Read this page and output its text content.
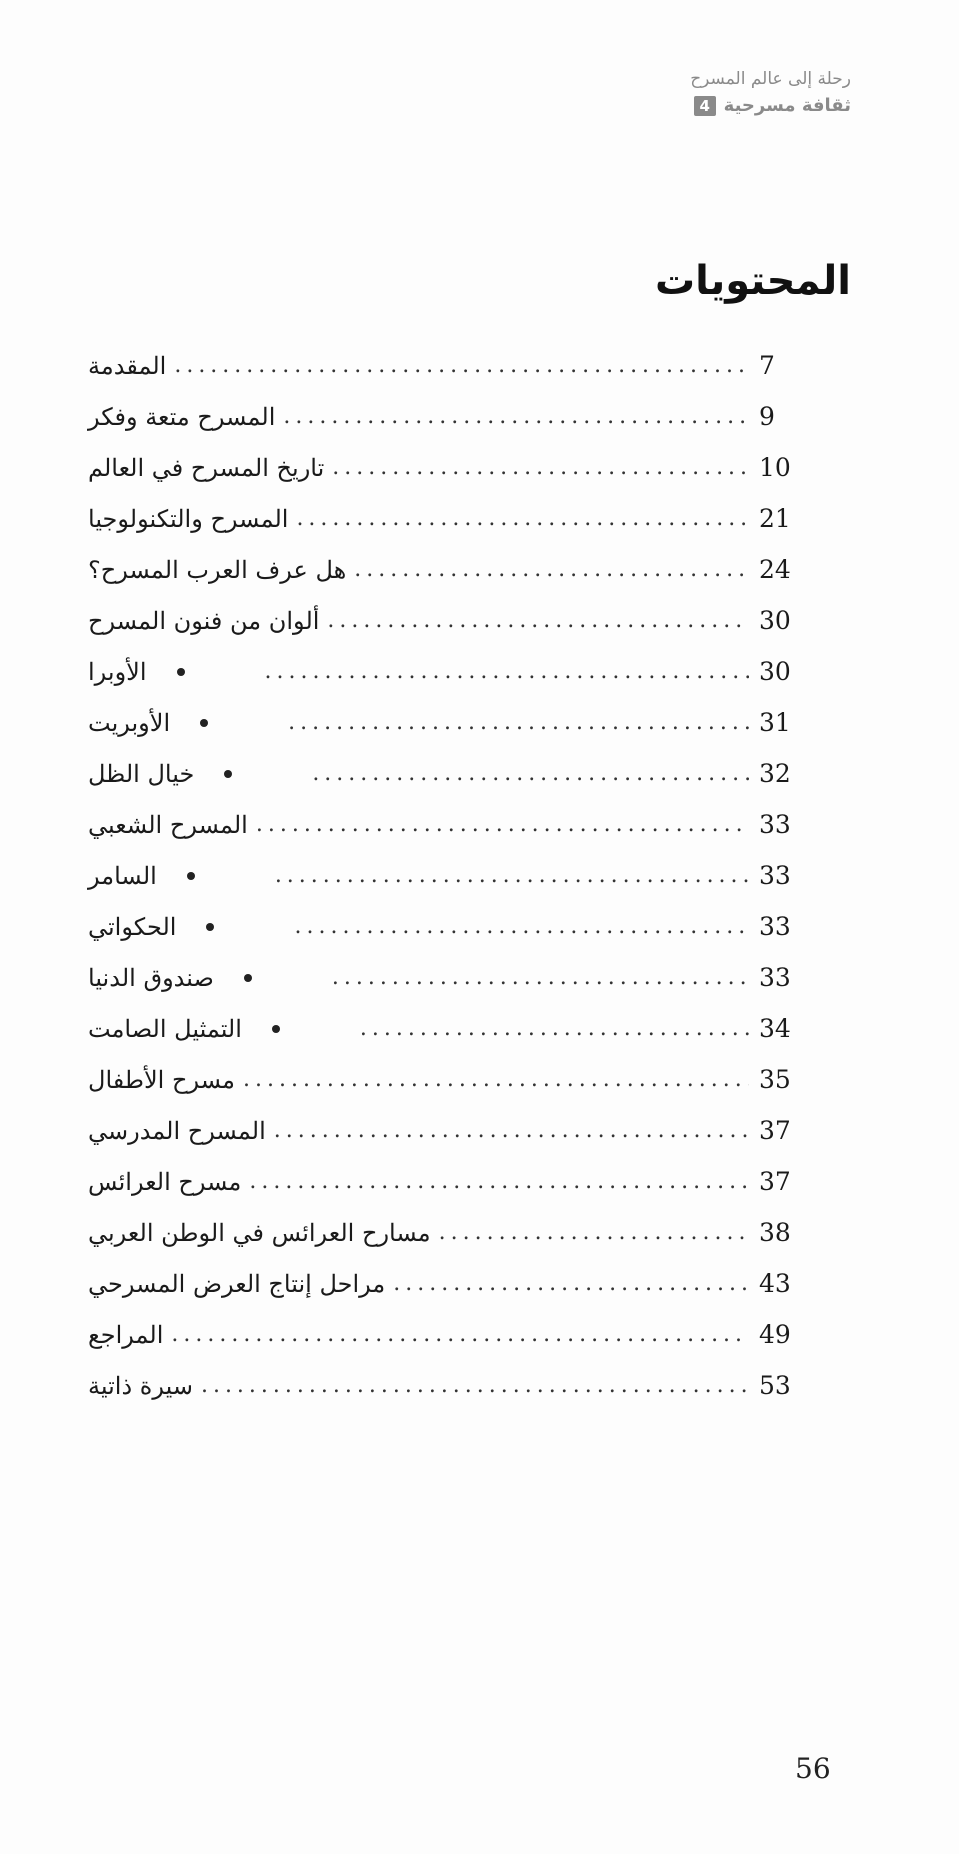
رحلة إلى عالم المسرح
ثقافة مسرحية
4
المحتويات
المقدمة .....	7
المسرح متعة وفكر .....	9
تاريخ المسرح في العالم .....	10
المسرح والتكنولوجيا .....	21
هل عرف العرب المسرح؟ .....	24
ألوان من فنون المسرح .....	30
الأوبرا .....	30
الأوبريت .....	31
خيال الظل .....	32
المسرح الشعبي .....	33
السامر .....	33
الحكواتي .....	33
صندوق الدنيا .....	33
التمثيل الصامت .....	34
مسرح الأطفال .....	35
المسرح المدرسي .....	37
مسرح العرائس .....	37
مسارح العرائس في الوطن العربي .....	38
مراحل إنتاج العرض المسرحي .....	43
المراجع .....	49
سيرة ذاتية .....	53
56
